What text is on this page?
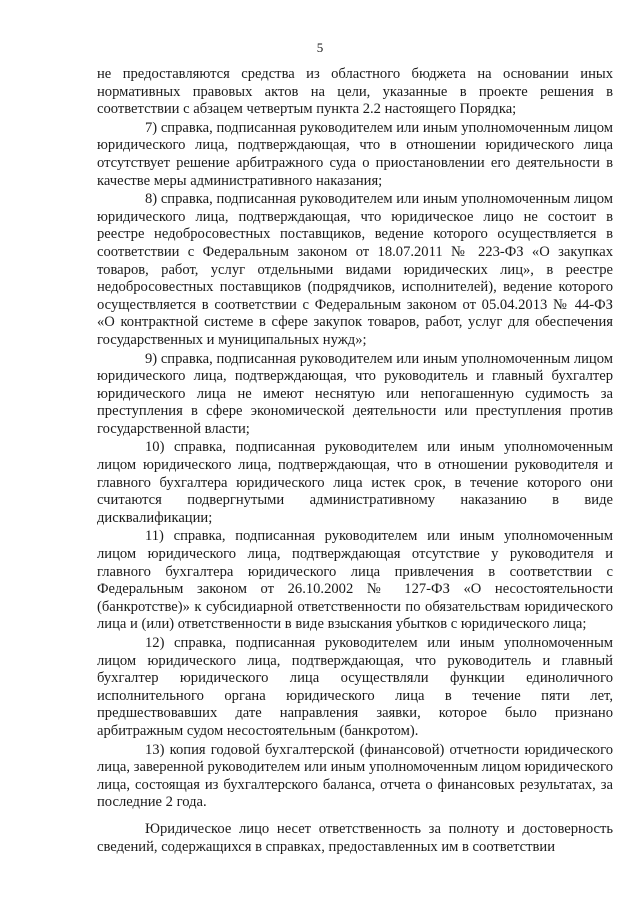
5

не предоставляются средства из областного бюджета на основании иных нормативных правовых актов на цели, указанные в проекте решения в соответствии с абзацем четвертым пункта 2.2 настоящего Порядка;

7) справка, подписанная руководителем или иным уполномоченным лицом юридического лица, подтверждающая, что в отношении юридического лица отсутствует решение арбитражного суда о приостановлении его деятельности в качестве меры административного наказания;

8) справка, подписанная руководителем или иным уполномоченным лицом юридического лица, подтверждающая, что юридическое лицо не состоит в реестре недобросовестных поставщиков, ведение которого осуществляется в соответствии с Федеральным законом от 18.07.2011 № 223-ФЗ «О закупках товаров, работ, услуг отдельными видами юридических лиц», в реестре недобросовестных поставщиков (подрядчиков, исполнителей), ведение которого осуществляется в соответствии с Федеральным законом от 05.04.2013 № 44-ФЗ «О контрактной системе в сфере закупок товаров, работ, услуг для обеспечения государственных и муниципальных нужд»;

9) справка, подписанная руководителем или иным уполномоченным лицом юридического лица, подтверждающая, что руководитель и главный бухгалтер юридического лица не имеют неснятую или непогашенную судимость за преступления в сфере экономической деятельности или преступления против государственной власти;

10) справка, подписанная руководителем или иным уполномоченным лицом юридического лица, подтверждающая, что в отношении руководителя и главного бухгалтера юридического лица истек срок, в течение которого они считаются подвергнутыми административному наказанию в виде дисквалификации;

11) справка, подписанная руководителем или иным уполномоченным лицом юридического лица, подтверждающая отсутствие у руководителя и главного бухгалтера юридического лица привлечения в соответствии с Федеральным законом от 26.10.2002 № 127-ФЗ «О несостоятельности (банкротстве)» к субсидиарной ответственности по обязательствам юридического лица и (или) ответственности в виде взыскания убытков с юридического лица;

12) справка, подписанная руководителем или иным уполномоченным лицом юридического лица, подтверждающая, что руководитель и главный бухгалтер юридического лица осуществляли функции единоличного исполнительного органа юридического лица в течение пяти лет, предшествовавших дате направления заявки, которое было признано арбитражным судом несостоятельным (банкротом).

13) копия годовой бухгалтерской (финансовой) отчетности юридического лица, заверенной руководителем или иным уполномоченным лицом юридического лица, состоящая из бухгалтерского баланса, отчета о финансовых результатах, за последние 2 года.

Юридическое лицо несет ответственность за полноту и достоверность сведений, содержащихся в справках, предоставленных им в соответствии
